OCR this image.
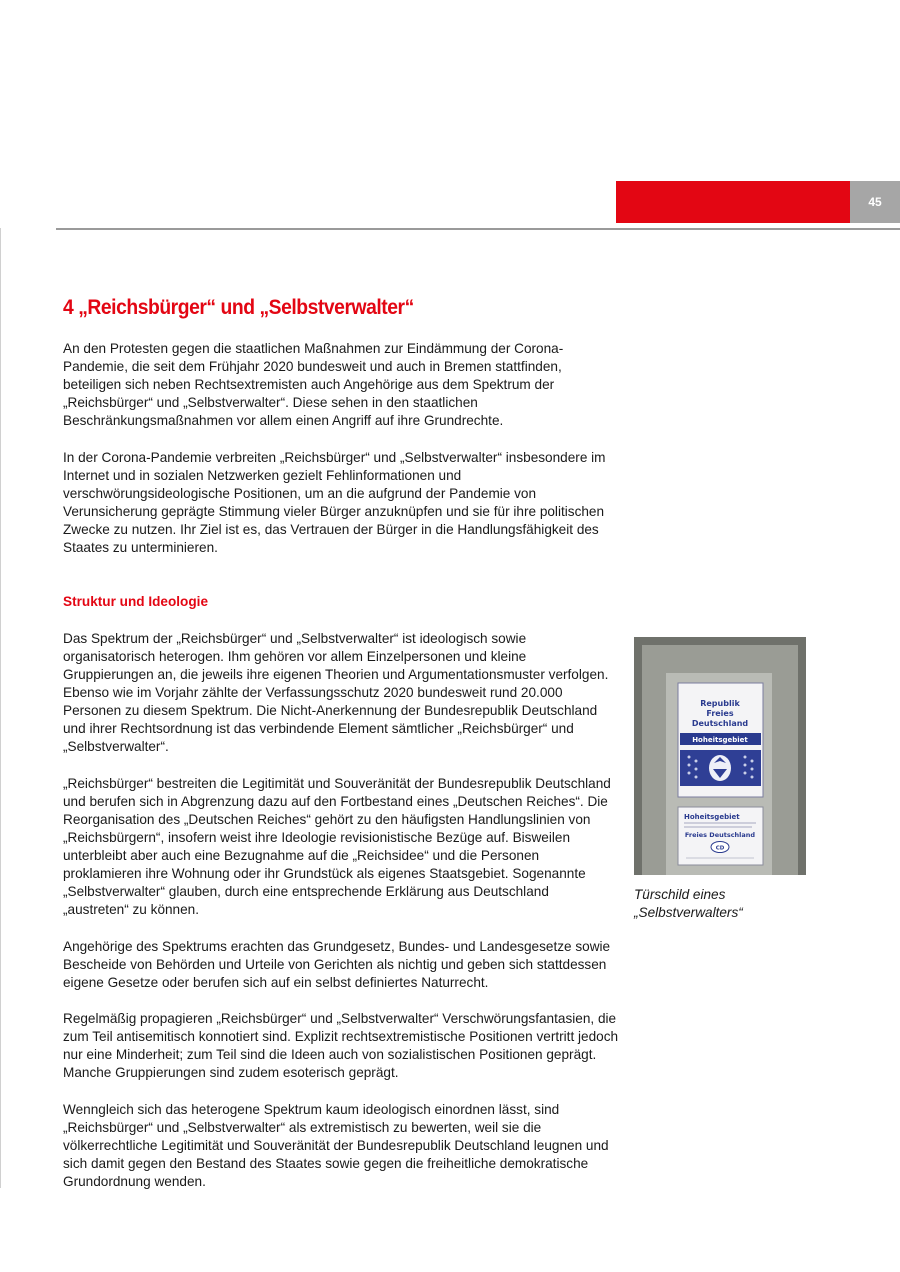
45
4 „Reichsbürger“ und „Selbstverwalter“

An den Protesten gegen die staatlichen Maßnahmen zur Eindämmung der Corona-Pandemie, die seit dem Frühjahr 2020 bundesweit und auch in Bremen stattfinden, beteiligen sich neben Rechtsextremisten auch Angehörige aus dem Spektrum der „Reichsbürger“ und „Selbstverwalter“. Diese sehen in den staatlichen Beschränkungsmaßnahmen vor allem einen Angriff auf ihre Grundrechte.

In der Corona-Pandemie verbreiten „Reichsbürger“ und „Selbstverwalter“ insbesondere im Internet und in sozialen Netzwerken gezielt Fehlinformationen und verschwörungsideologische Positionen, um an die aufgrund der Pandemie von Verunsicherung geprägte Stimmung vieler Bürger anzuknüpfen und sie für ihre politischen Zwecke zu nutzen. Ihr Ziel ist es, das Vertrauen der Bürger in die Handlungsfähigkeit des Staates zu unterminieren.

Struktur und Ideologie

Das Spektrum der „Reichsbürger“ und „Selbstverwalter“ ist ideologisch sowie organisatorisch heterogen. Ihm gehören vor allem Einzelpersonen und kleine Gruppierungen an, die jeweils ihre eigenen Theorien und Argumentationsmuster verfolgen. Ebenso wie im Vorjahr zählte der Verfassungsschutz 2020 bundesweit rund 20.000 Personen zu diesem Spektrum. Die Nicht-Anerkennung der Bundesrepublik Deutschland und ihrer Rechtsordnung ist das verbindende Element sämtlicher „Reichsbürger“ und „Selbstverwalter“.

„Reichsbürger“ bestreiten die Legitimität und Souveränität der Bundesrepublik Deutschland und berufen sich in Abgrenzung dazu auf den Fortbestand eines „Deutschen Reiches“. Die Reorganisation des „Deutschen Reiches“ gehört zu den häufigsten Handlungslinien von „Reichsbürgern“, insofern weist ihre Ideologie revisionistische Bezüge auf. Bisweilen unterbleibt aber auch eine Bezugnahme auf die „Reichsidee“ und die Personen proklamieren ihre Wohnung oder ihr Grundstück als eigenes Staatsgebiet. Sogenannte „Selbstverwalter“ glauben, durch eine entsprechende Erklärung aus Deutschland „austreten“ zu können.

Angehörige des Spektrums erachten das Grundgesetz, Bundes- und Landesgesetze sowie Bescheide von Behörden und Urteile von Gerichten als nichtig und geben sich stattdessen eigene Gesetze oder berufen sich auf ein selbst definiertes Naturrecht.

Regelmäßig propagieren „Reichsbürger“ und „Selbstverwalter“ Verschwörungsfantasien, die zum Teil antisemitisch konnotiert sind. Explizit rechtsextremistische Positionen vertritt jedoch nur eine Minderheit; zum Teil sind die Ideen auch von sozialistischen Positionen geprägt. Manche Gruppierungen sind zudem esoterisch geprägt.

Wenngleich sich das heterogene Spektrum kaum ideologisch einordnen lässt, sind „Reichsbürger“ und „Selbstverwalter“ als extremistisch zu bewerten, weil sie die völkerrechtliche Legitimität und Souveränität der Bundesrepublik Deutschland leugnen und sich damit gegen den Bestand des Staates sowie gegen die freiheitliche demokratische Grundordnung wenden.

Republik
Freies
Deutschland
Hoheitsgebiet
Hoheitsgebiet
Freies Deutschland
CD

Türschild eines „Selbstverwalters“
